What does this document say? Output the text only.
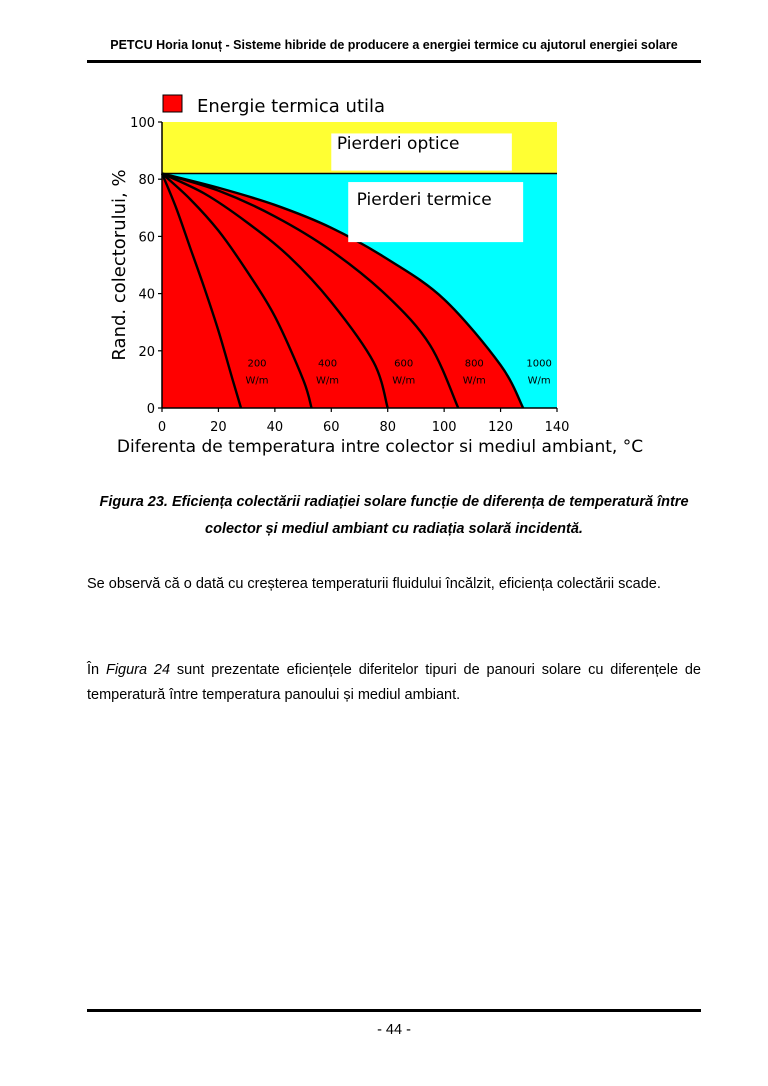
PETCU Horia Ionuț - Sisteme hibride de producere a energiei termice cu ajutorul energiei solare
200
W/m
400
W/m
600
W/m
800
W/m
1000
W/m
0
20
40
60
80
100
0	20	40	60	80	100 120 140
Pierderi optice
Pierderi termice
Energie termica utila
Rand. colectorului, %
Diferenta de temperatura intre colector si mediul ambiant, °C
Figura 23. Eficiența colectării radiației solare funcție de diferența de temperatură între colector și mediul ambiant cu radiația solară incidentă.
Se observă că o dată cu creșterea temperaturii fluidului încălzit, eficiența colectării scade.
În Figura 24 sunt prezentate eficiențele diferitelor tipuri de panouri solare cu diferențele de temperatură între temperatura panoului și mediul ambiant.
- 44 -
